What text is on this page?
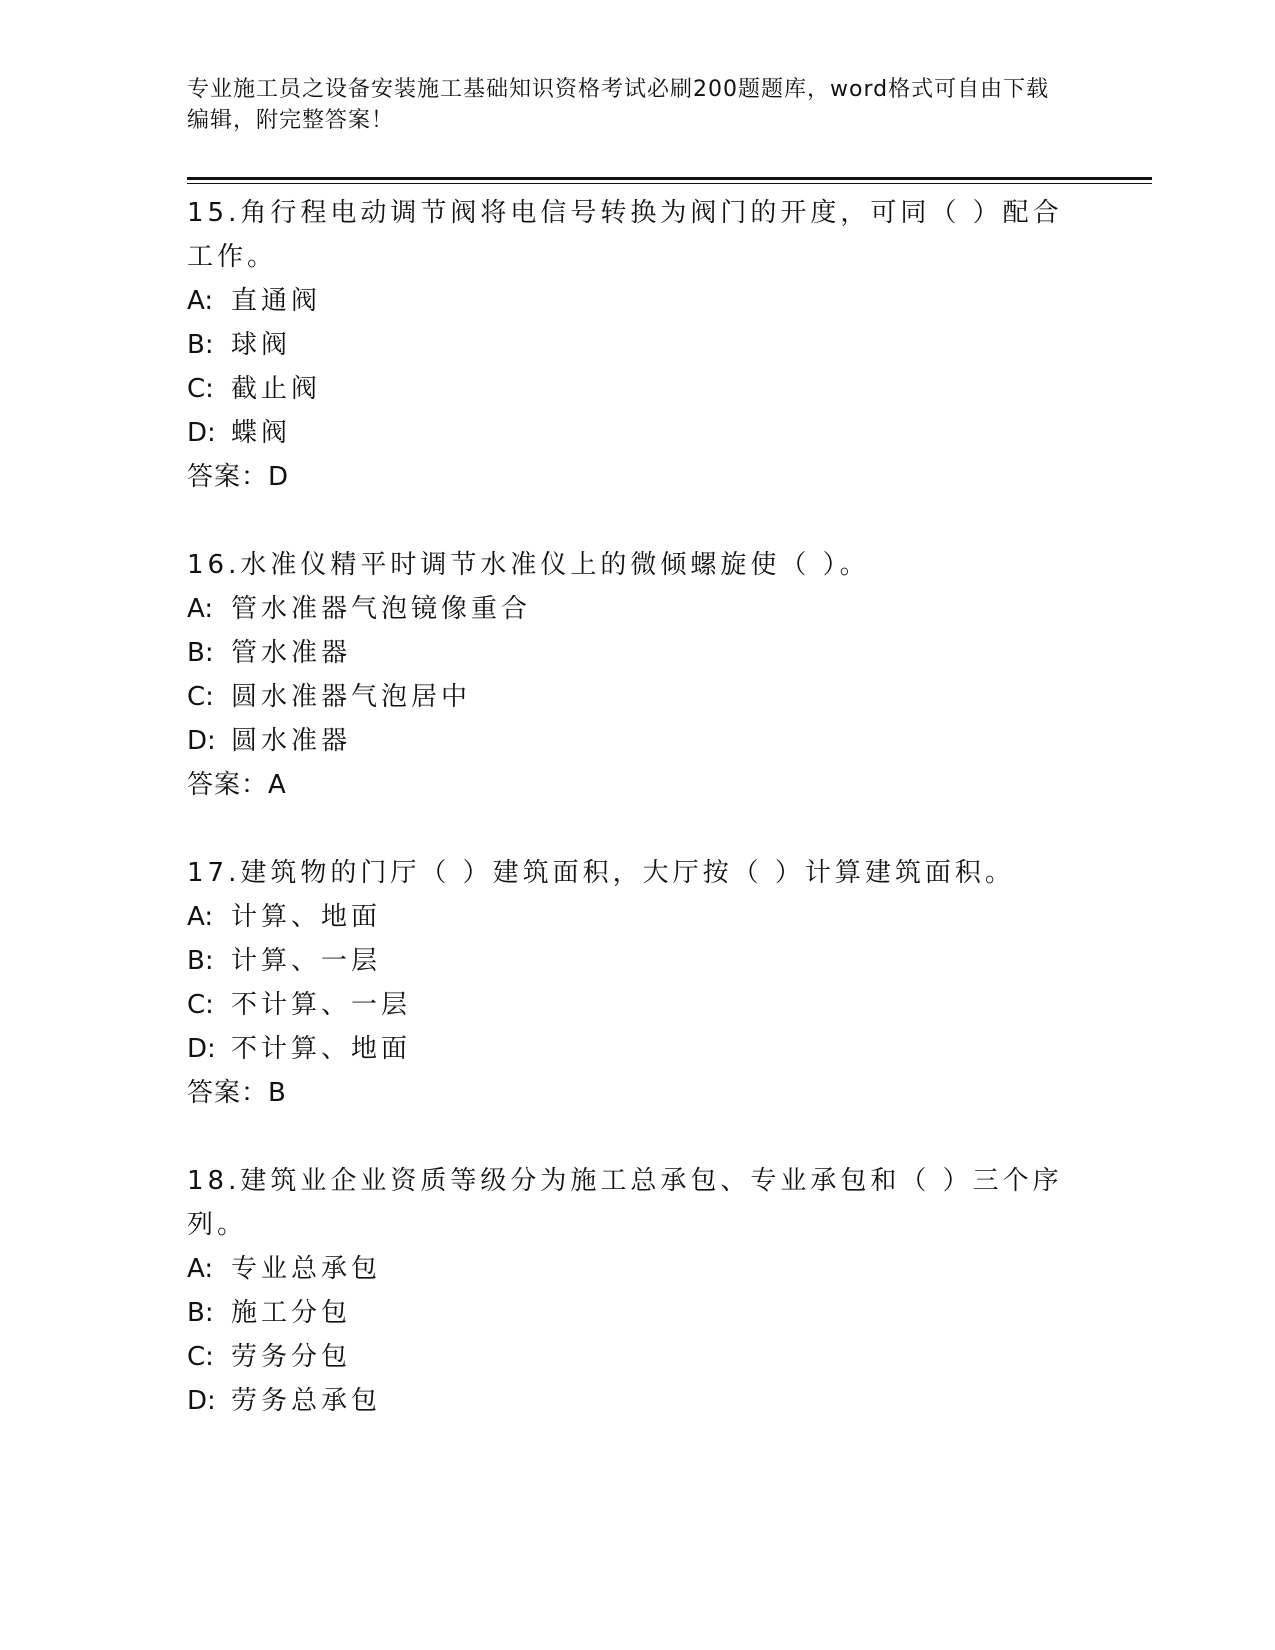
专业施工员之设备安装施工基础知识资格考试必刷200题题库，word格式可自由下载编辑，附完整答案！
15.角行程电动调节阀将电信号转换为阀门的开度，可同（ ）配合工作。
A: 直通阀
B: 球阀
C: 截止阀
D: 蝶阀
答案：D
16.水准仪精平时调节水准仪上的微倾螺旋使（ ）。
A: 管水准器气泡镜像重合
B: 管水准器
C: 圆水准器气泡居中
D: 圆水准器
答案：A
17.建筑物的门厅（ ）建筑面积，大厅按（ ）计算建筑面积。
A: 计算、地面
B: 计算、一层
C: 不计算、一层
D: 不计算、地面
答案：B
18.建筑业企业资质等级分为施工总承包、专业承包和（ ）三个序列。
A: 专业总承包
B: 施工分包
C: 劳务分包
D: 劳务总承包
